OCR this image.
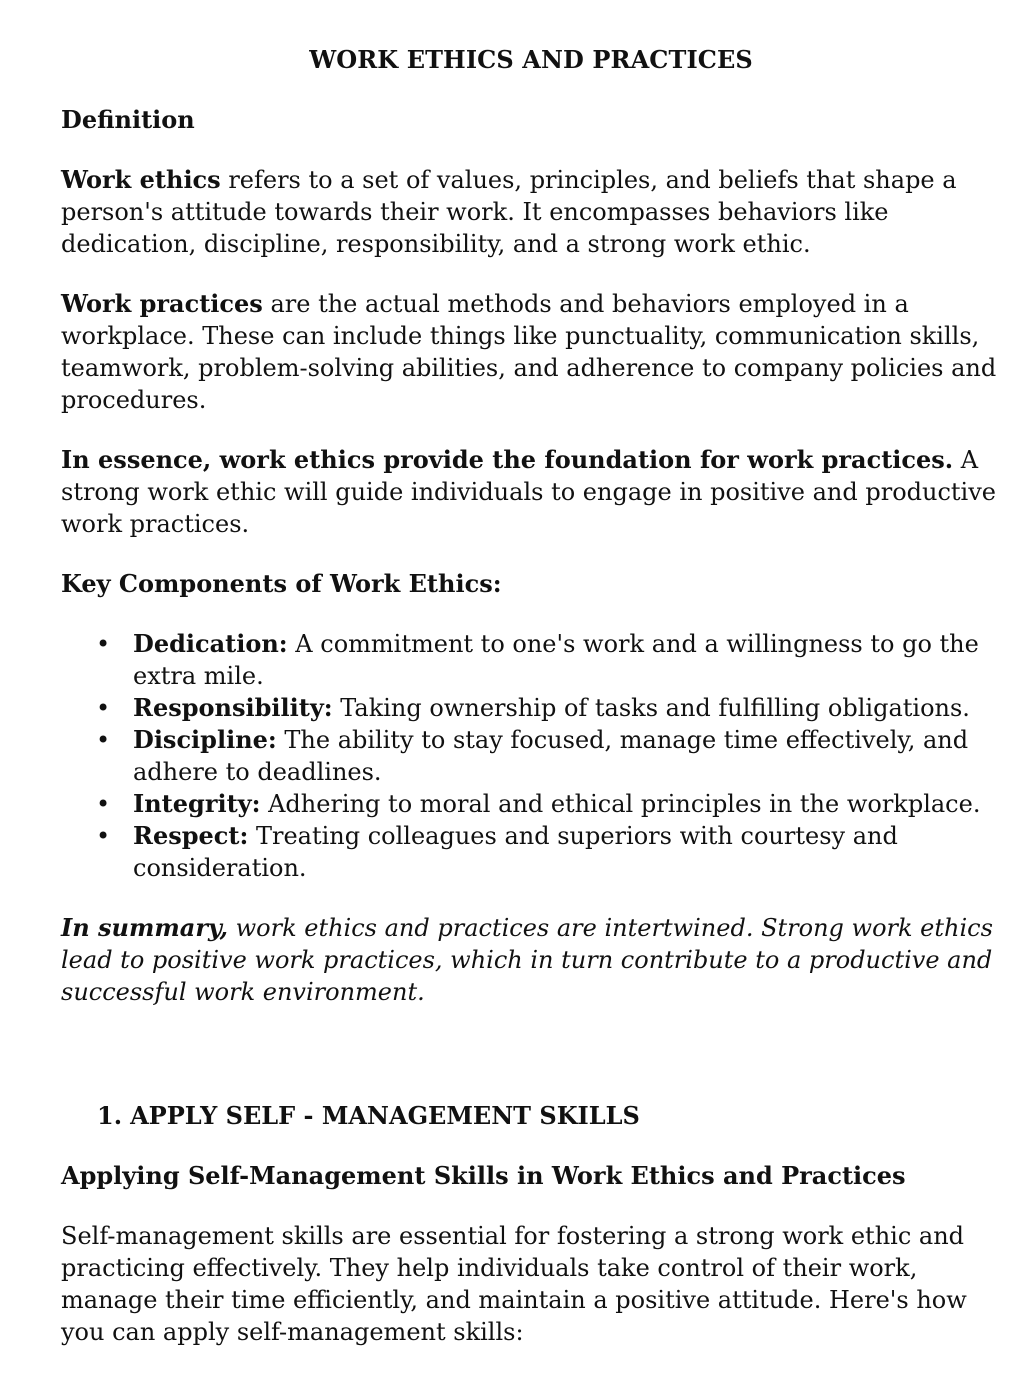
WORK ETHICS AND PRACTICES
Definition

Work ethics refers to a set of values, principles, and beliefs that shape a person's attitude towards their work. It encompasses behaviors like dedication, discipline, responsibility, and a strong work ethic.

Work practices are the actual methods and behaviors employed in a workplace. These can include things like punctuality, communication skills, teamwork, problem-solving abilities, and adherence to company policies and procedures.

In essence, work ethics provide the foundation for work practices. A strong work ethic will guide individuals to engage in positive and productive work practices.

Key Components of Work Ethics:
• Dedication: A commitment to one's work and a willingness to go the extra mile.
• Responsibility: Taking ownership of tasks and fulfilling obligations.
• Discipline: The ability to stay focused, manage time effectively, and adhere to deadlines.
• Integrity: Adhering to moral and ethical principles in the workplace.
• Respect: Treating colleagues and superiors with courtesy and consideration.

In summary, work ethics and practices are intertwined. Strong work ethics lead to positive work practices, which in turn contribute to a productive and successful work environment.

1. APPLY SELF - MANAGEMENT SKILLS
Applying Self-Management Skills in Work Ethics and Practices

Self-management skills are essential for fostering a strong work ethic and practicing effectively. They help individuals take control of their work, manage their time efficiently, and maintain a positive attitude. Here's how you can apply self-management skills:
